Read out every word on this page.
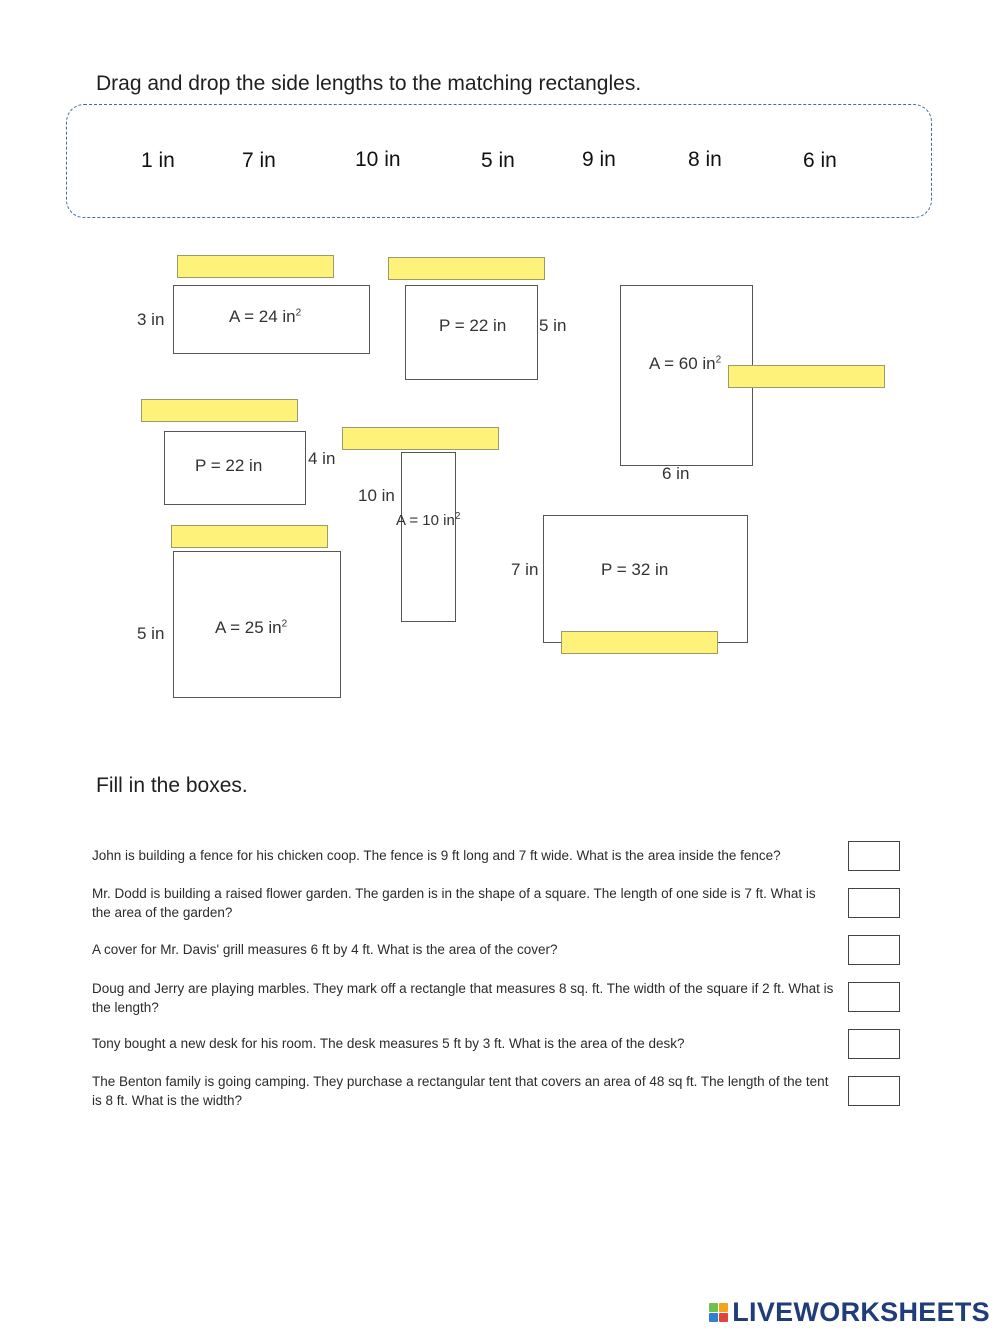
Drag and drop the side lengths to the matching rectangles.
1 in	7 in	10 in	5 in	9 in	8 in	6 in
A = 24 $in^2$
3 in	P = 22 in 5 in
A = 60 $in^2$
6 in
P = 22 in	4 in
10 in
A = 10 $in^2$
A = 25 $in^2$
5 in
P = 32 in
7 in
Fill in the boxes.
John is building a fence for his chicken coop. The fence is 9 ft long and 7 ft wide. What is the area inside the fence?
Mr. Dodd is building a raised flower garden. The garden is in the shape of a square. The length of one side is 7 ft. What is the area of the garden?
A cover for Mr. Davis' grill measures 6 ft by 4 ft. What is the area of the cover?
Doug and Jerry are playing marbles. They mark off a rectangle that measures 8 sq. ft. The width of the square if 2 ft. What is the length?
Tony bought a new desk for his room. The desk measures 5 ft by 3 ft. What is the area of the desk?
The Benton family is going camping. They purchase a rectangular tent that covers an area of 48 sq ft. The length of the tent is 8 ft. What is the width?
LIVEWORKSHEETS
